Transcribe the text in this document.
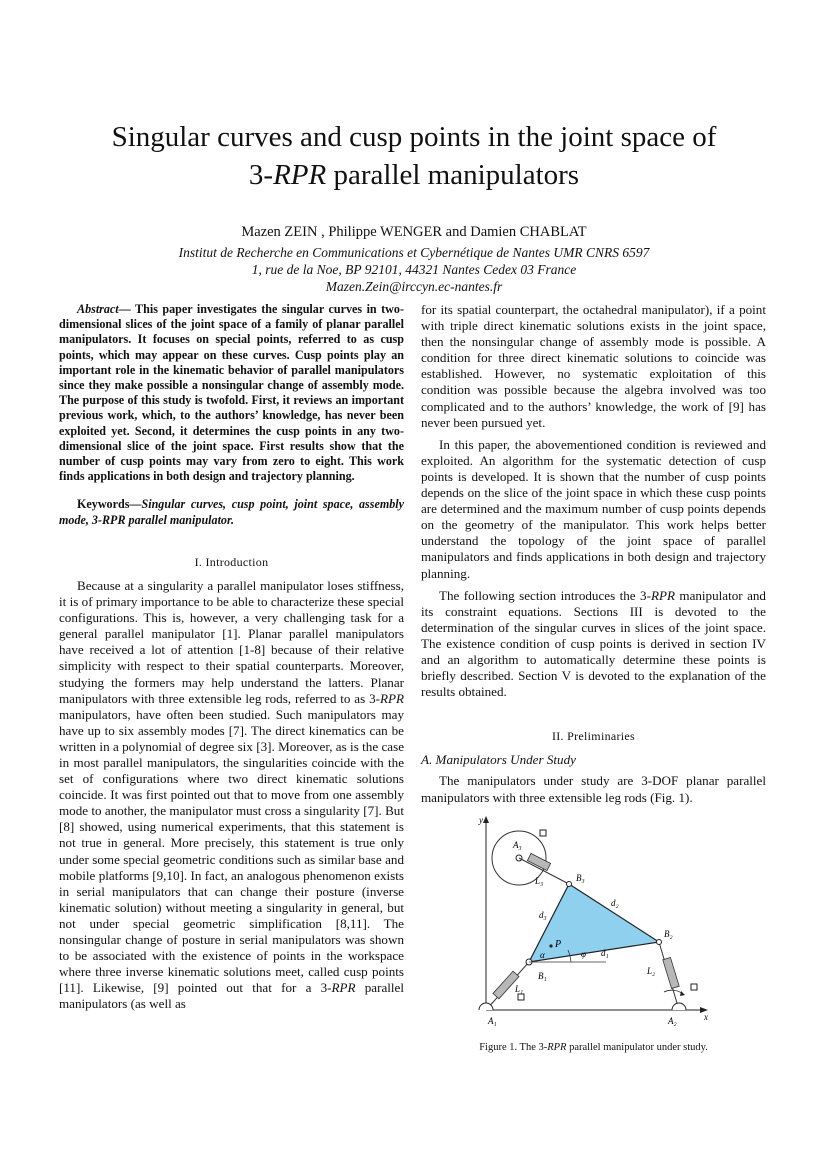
Singular curves and cusp points in the joint space of
3-RPR parallel manipulators
Mazen ZEIN , Philippe WENGER and Damien CHABLAT
Institut de Recherche en Communications et Cybernétique de Nantes UMR CNRS 6597
1, rue de la Noe, BP 92101, 44321 Nantes Cedex 03 France
Mazen.Zein@irccyn.ec-nantes.fr

Abstract— This paper investigates the singular curves in two-dimensional slices of the joint space of a family of planar parallel manipulators. It focuses on special points, referred to as cusp points, which may appear on these curves. Cusp points play an important role in the kinematic behavior of parallel manipulators since they make possible a nonsingular change of assembly mode. The purpose of this study is twofold. First, it reviews an important previous work, which, to the authors’ knowledge, has never been exploited yet. Second, it determines the cusp points in any two-dimensional slice of the joint space. First results show that the number of cusp points may vary from zero to eight. This work finds applications in both design and trajectory planning.

Keywords—Singular curves, cusp point, joint space, assembly mode, 3-RPR parallel manipulator.

I. Introduction

Because at a singularity a parallel manipulator loses stiffness, it is of primary importance to be able to characterize these special configurations. This is, however, a very challenging task for a general parallel manipulator [1]. Planar parallel manipulators have received a lot of attention [1-8] because of their relative simplicity with respect to their spatial counterparts. Moreover, studying the formers may help understand the latters. Planar manipulators with three extensible leg rods, referred to as 3-RPR manipulators, have often been studied. Such manipulators may have up to six assembly modes [7]. The direct kinematics can be written in a polynomial of degree six [3]. Moreover, as is the case in most parallel manipulators, the singularities coincide with the set of configurations where two direct kinematic solutions coincide. It was first pointed out that to move from one assembly mode to another, the manipulator must cross a singularity [7]. But [8] showed, using numerical experiments, that this statement is not true in general. More precisely, this statement is true only under some special geometric conditions such as similar base and mobile platforms [9,10]. In fact, an analogous phenomenon exists in serial manipulators that can change their posture (inverse kinematic solution) without meeting a singularity in general, but not under special geometric simplification [8,11]. The nonsingular change of posture in serial manipulators was shown to be associated with the existence of points in the workspace where three inverse kinematic solutions meet, called cusp points [11]. Likewise, [9] pointed out that for a 3-RPR parallel manipulators (as well as

for its spatial counterpart, the octahedral manipulator), if a point with triple direct kinematic solutions exists in the joint space, then the nonsingular change of assembly mode is possible. A condition for three direct kinematic solutions to coincide was established. However, no systematic exploitation of this condition was possible because the algebra involved was too complicated and to the authors’ knowledge, the work of [9] has never been pursued yet.

In this paper, the abovementioned condition is reviewed and exploited. An algorithm for the systematic detection of cusp points is developed. It is shown that the number of cusp points depends on the slice of the joint space in which these cusp points are determined and the maximum number of cusp points depends on the geometry of the manipulator. This work helps better understand the topology of the joint space of parallel manipulators and finds applications in both design and trajectory planning.

The following section introduces the 3-RPR manipulator and its constraint equations. Sections III is devoted to the determination of the singular curves in slices of the joint space. The existence condition of cusp points is derived in section IV and an algorithm to automatically determine these points is briefly described. Section V is devoted to the explanation of the results obtained.

II. Preliminaries
A. Manipulators Under Study

The manipulators under study are 3-DOF planar parallel manipulators with three extensible leg rods (Fig. 1).

y
x
A₃
A₁	A₂
B₃
B₂
B₁
L₃
L₁
L₂
d₃
d₂
d₁
P
α	φ
Figure 1. The 3-RPR parallel manipulator under study.
